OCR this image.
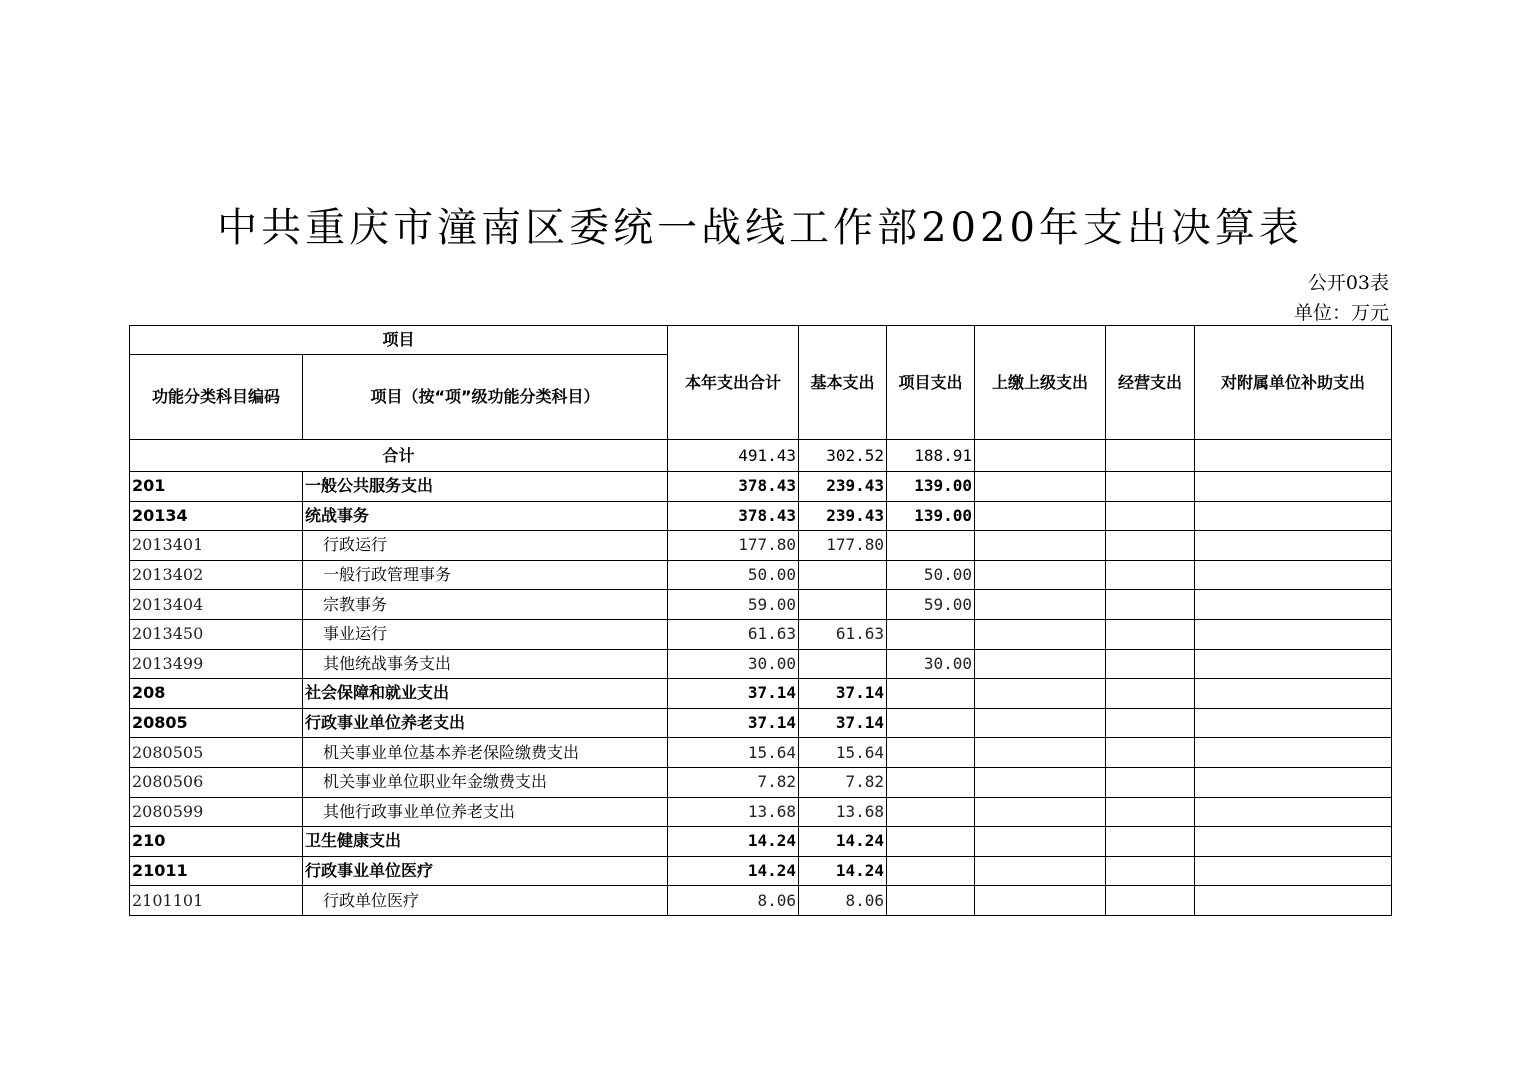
中共重庆市潼南区委统一战线工作部2020年支出决算表
公开03表
单位：万元
项目		本年支出合计	基本支出	项目支出	上缴上级支出	经营支出	对附属单位补助支出
功能分类科目编码	项目（按“项”级功能分类科目）						
合计		491.43	302.52	188.91			
201	一般公共服务支出	378.43	239.43	139.00			
20134	统战事务	378.43	239.43	139.00			
2013401	行政运行	177.80	177.80				
2013402	一般行政管理事务	50.00		50.00			
2013404	宗教事务	59.00		59.00			
2013450	事业运行	61.63	61.63				
2013499	其他统战事务支出	30.00		30.00			
208	社会保障和就业支出	37.14	37.14				
20805	行政事业单位养老支出	37.14	37.14				
2080505	机关事业单位基本养老保险缴费支出	15.64	15.64				
2080506	机关事业单位职业年金缴费支出	7.82	7.82				
2080599	其他行政事业单位养老支出	13.68	13.68				
210	卫生健康支出	14.24	14.24				
21011	行政事业单位医疗	14.24	14.24				
2101101	行政单位医疗	8.06	8.06				
